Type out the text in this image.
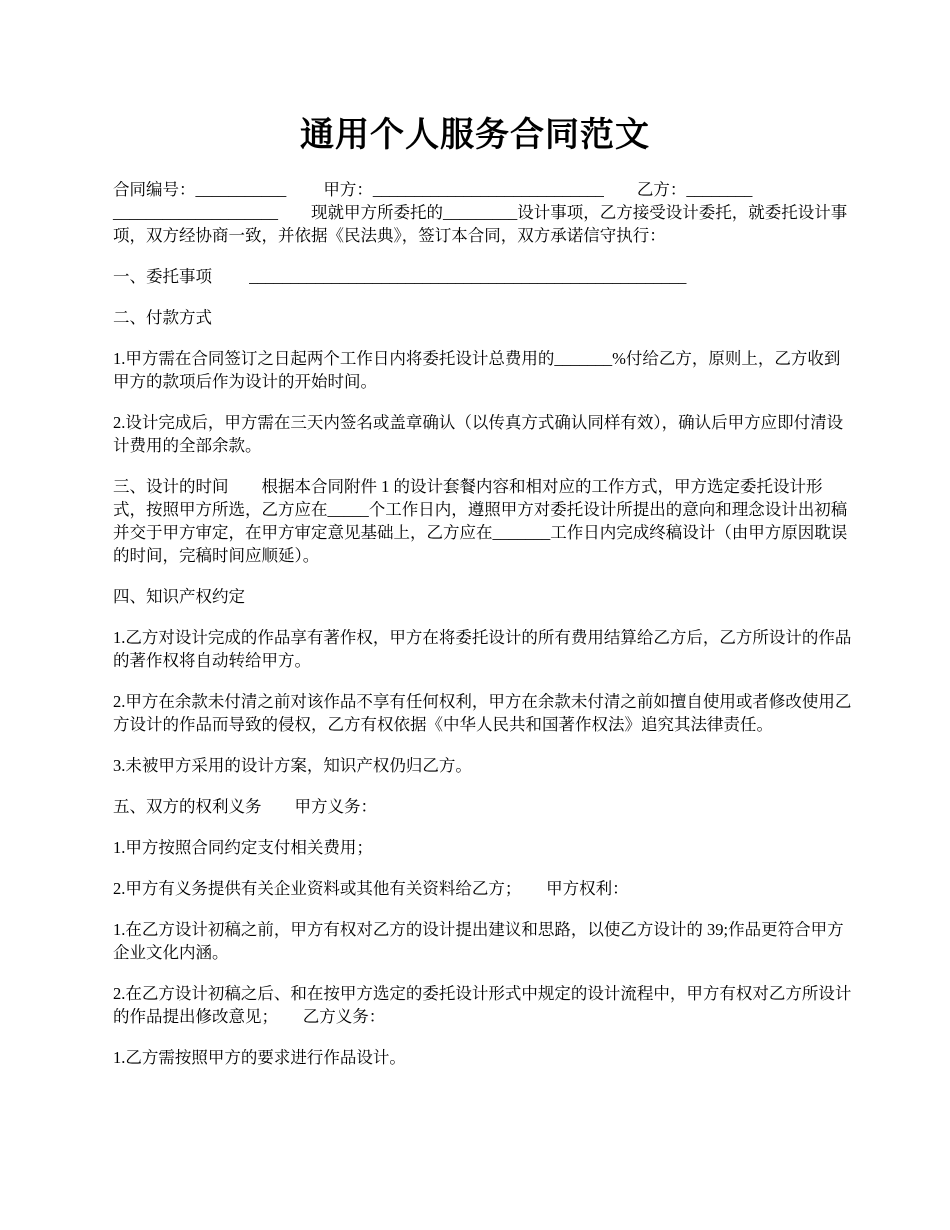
通用个人服务合同范文

合同编号：___________　　 甲方：____________________________　　乙方：________ ____________________　　现就甲方所委托的_________设计事项，乙方接受设计委托，就委托设计事项，双方经协商一致，并依据《民法典》，签订本合同，双方承诺信守执行：

一、委托事项　　 _____________________________________________________

二、付款方式

1.甲方需在合同签订之日起两个工作日内将委托设计总费用的_______%付给乙方，原则上，乙方收到甲方的款项后作为设计的开始时间。

2.设计完成后，甲方需在三天内签名或盖章确认（以传真方式确认同样有效），确认后甲方应即付清设计费用的全部余款。

三、设计的时间　　根据本合同附件 1 的设计套餐内容和相对应的工作方式，甲方选定委托设计形式，按照甲方所选，乙方应在_____个工作日内，遵照甲方对委托设计所提出的意向和理念设计出初稿并交于甲方审定，在甲方审定意见基础上，乙方应在_______工作日内完成终稿设计（由甲方原因耽误的时间，完稿时间应顺延）。

四、知识产权约定

1.乙方对设计完成的作品享有著作权，甲方在将委托设计的所有费用结算给乙方后，乙方所设计的作品的著作权将自动转给甲方。

2.甲方在余款未付清之前对该作品不享有任何权利，甲方在余款未付清之前如擅自使用或者修改使用乙方设计的作品而导致的侵权，乙方有权依据《中华人民共和国著作权法》追究其法律责任。

3.未被甲方采用的设计方案，知识产权仍归乙方。

五、双方的权利义务　　甲方义务：

1.甲方按照合同约定支付相关费用；

2.甲方有义务提供有关企业资料或其他有关资料给乙方；　　甲方权利：

1.在乙方设计初稿之前，甲方有权对乙方的设计提出建议和思路，以使乙方设计的 39;作品更符合甲方企业文化内涵。

2.在乙方设计初稿之后、和在按甲方选定的委托设计形式中规定的设计流程中，甲方有权对乙方所设计的作品提出修改意见；　　乙方义务：

1.乙方需按照甲方的要求进行作品设计。
